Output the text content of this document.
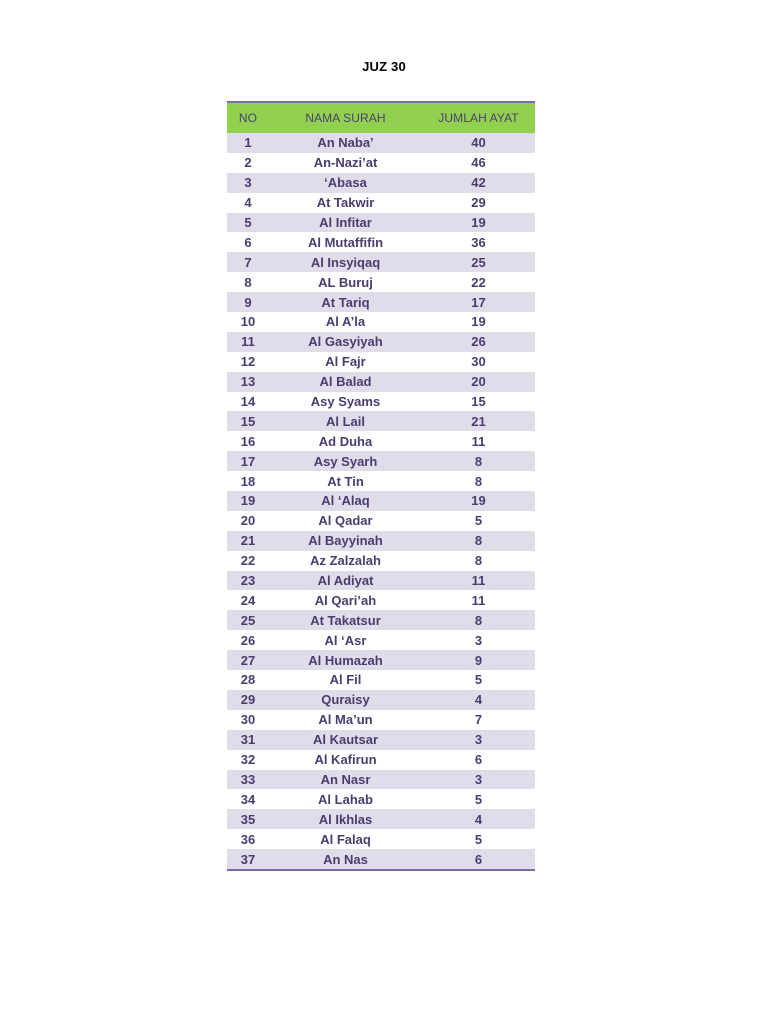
JUZ 30
NO	NAMA SURAH	JUMLAH AYAT
1	An Naba’	40
2	An-Nazi’at	46
3	‘Abasa	42
4	At Takwir	29
5	Al Infitar	19
6	Al Mutaffifin	36
7	Al Insyiqaq	25
8	AL Buruj	22
9	At Tariq	17
10	Al A’la	19
11	Al Gasyiyah	26
12	Al Fajr	30
13	Al Balad	20
14	Asy Syams	15
15	Al Lail	21
16	Ad Duha	11
17	Asy Syarh	8
18	At Tin	8
19	Al ‘Alaq	19
20	Al Qadar	5
21	Al Bayyinah	8
22	Az Zalzalah	8
23	Al Adiyat	11
24	Al Qari’ah	11
25	At Takatsur	8
26	Al ‘Asr	3
27	Al Humazah	9
28	Al Fil	5
29	Quraisy	4
30	Al Ma’un	7
31	Al Kautsar	3
32	Al Kafirun	6
33	An Nasr	3
34	Al Lahab	5
35	Al Ikhlas	4
36	Al Falaq	5
37	An Nas	6
